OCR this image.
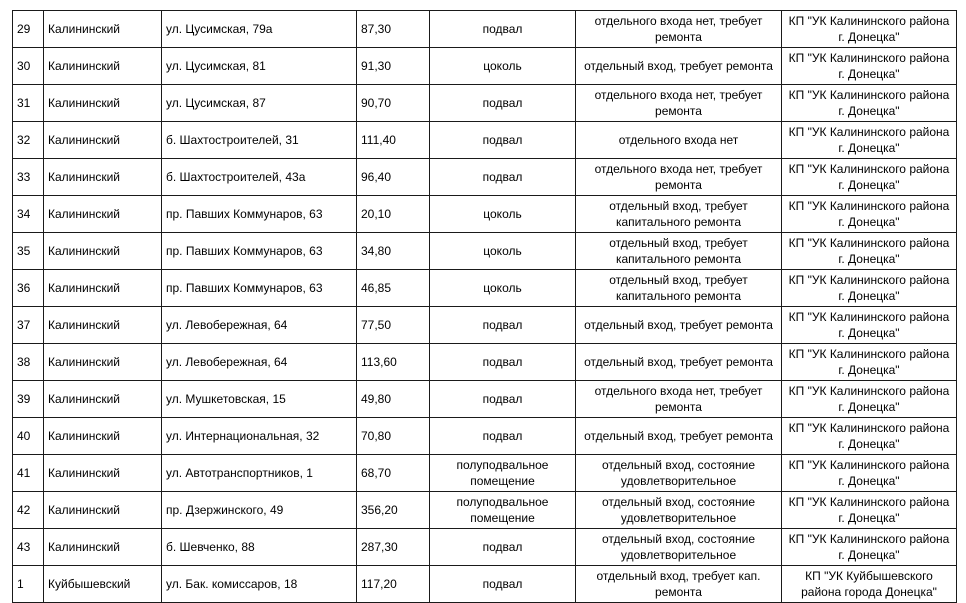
29	Калининский	ул. Цусимская, 79а	87,30	подвал	отдельного входа нет, требует ремонта	КП "УК Калининского района г. Донецка"
30	Калининский	ул. Цусимская, 81	91,30	цоколь	отдельный вход, требует ремонта	КП "УК Калининского района г. Донецка"
31	Калининский	ул. Цусимская, 87	90,70	подвал	отдельного входа нет, требует ремонта	КП "УК Калининского района г. Донецка"
32	Калининский	б. Шахтостроителей, 31	111,40	подвал	отдельного входа нет	КП "УК Калининского района г. Донецка"
33	Калининский	б. Шахтостроителей, 43а	96,40	подвал	отдельного входа нет, требует ремонта	КП "УК Калининского района г. Донецка"
34	Калининский	пр. Павших Коммунаров, 63	20,10	цоколь	отдельный вход, требует капитального ремонта	КП "УК Калининского района г. Донецка"
35	Калининский	пр. Павших Коммунаров, 63	34,80	цоколь	отдельный вход, требует капитального ремонта	КП "УК Калининского района г. Донецка"
36	Калининский	пр. Павших Коммунаров, 63	46,85	цоколь	отдельный вход, требует капитального ремонта	КП "УК Калининского района г. Донецка"
37	Калининский	ул. Левобережная, 64	77,50	подвал	отдельный вход, требует ремонта	КП "УК Калининского района г. Донецка"
38	Калининский	ул. Левобережная, 64	113,60	подвал	отдельный вход, требует ремонта	КП "УК Калининского района г. Донецка"
39	Калининский	ул. Мушкетовская, 15	49,80	подвал	отдельного входа нет, требует ремонта	КП "УК Калининского района г. Донецка"
40	Калининский	ул. Интернациональная, 32	70,80	подвал	отдельный вход, требует ремонта	КП "УК Калининского района г. Донецка"
41	Калининский	ул. Автотранспортников, 1	68,70	полуподвальное помещение	отдельный вход, состояние удовлетворительное	КП "УК Калининского района г. Донецка"
42	Калининский	пр. Дзержинского, 49	356,20	полуподвальное помещение	отдельный вход, состояние удовлетворительное	КП "УК Калининского района г. Донецка"
43	Калининский	б. Шевченко, 88	287,30	подвал	отдельный вход, состояние удовлетворительное	КП "УК Калининского района г. Донецка"
1	Куйбышевский	ул. Бак. комиссаров, 18	117,20	подвал	отдельный вход, требует кап. ремонта	КП "УК Куйбышевского района города Донецка"
